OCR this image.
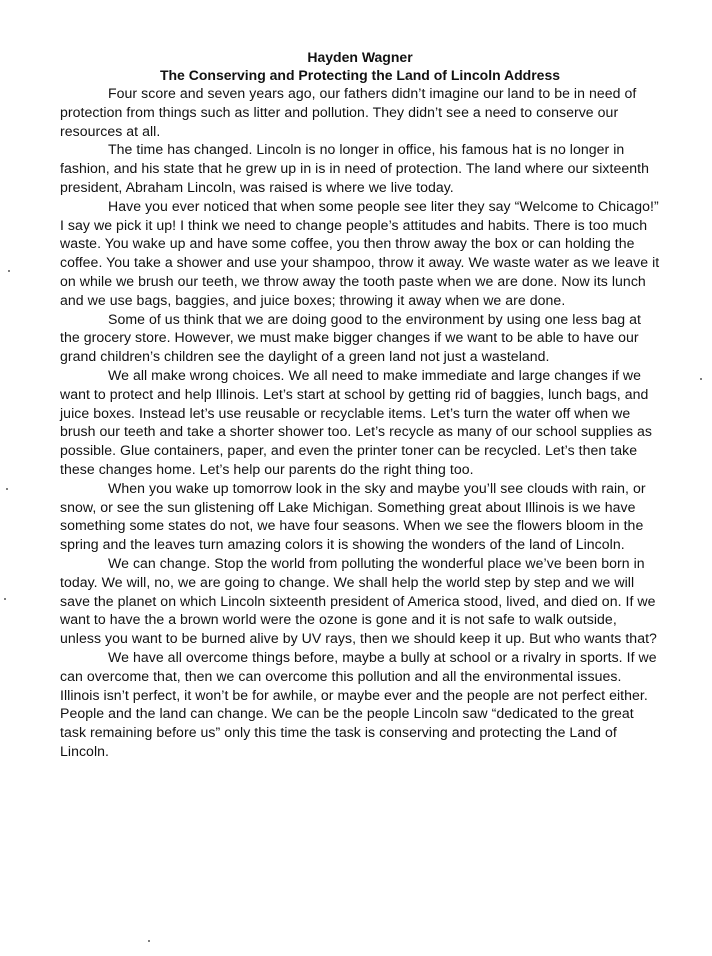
Hayden Wagner

The Conserving and Protecting the Land of Lincoln Address

Four score and seven years ago, our fathers didn’t imagine our land to be in need of protection from things such as litter and pollution. They didn’t see a need to conserve our resources at all.

The time has changed. Lincoln is no longer in office, his famous hat is no longer in fashion, and his state that he grew up in is in need of protection. The land where our sixteenth president, Abraham Lincoln, was raised is where we live today.

Have you ever noticed that when some people see liter they say “Welcome to Chicago!” I say we pick it up! I think we need to change people’s attitudes and habits. There is too much waste. You wake up and have some coffee, you then throw away the box or can holding the coffee. You take a shower and use your shampoo, throw it away. We waste water as we leave it on while we brush our teeth, we throw away the tooth paste when we are done. Now its lunch and we use bags, baggies, and juice boxes; throwing it away when we are done.

Some of us think that we are doing good to the environment by using one less bag at the grocery store. However, we must make bigger changes if we want to be able to have our grand children’s children see the daylight of a green land not just a wasteland.

We all make wrong choices. We all need to make immediate and large changes if we want to protect and help Illinois. Let’s start at school by getting rid of baggies, lunch bags, and juice boxes. Instead let’s use reusable or recyclable items. Let’s turn the water off when we brush our teeth and take a shorter shower too. Let’s recycle as many of our school supplies as possible. Glue containers, paper, and even the printer toner can be recycled. Let’s then take these changes home. Let’s help our parents do the right thing too.

When you wake up tomorrow look in the sky and maybe you’ll see clouds with rain, or snow, or see the sun glistening off Lake Michigan. Something great about Illinois is we have something some states do not, we have four seasons. When we see the flowers bloom in the spring and the leaves turn amazing colors it is showing the wonders of the land of Lincoln.

We can change. Stop the world from polluting the wonderful place we’ve been born in today. We will, no, we are going to change. We shall help the world step by step and we will save the planet on which Lincoln sixteenth president of America stood, lived, and died on. If we want to have the a brown world were the ozone is gone and it is not safe to walk outside, unless you want to be burned alive by UV rays, then we should keep it up. But who wants that?

We have all overcome things before, maybe a bully at school or a rivalry in sports. If we can overcome that, then we can overcome this pollution and all the environmental issues. Illinois isn’t perfect, it won’t be for awhile, or maybe ever and the people are not perfect either. People and the land can change. We can be the people Lincoln saw “dedicated to the great task remaining before us” only this time the task is conserving and protecting the Land of Lincoln.
